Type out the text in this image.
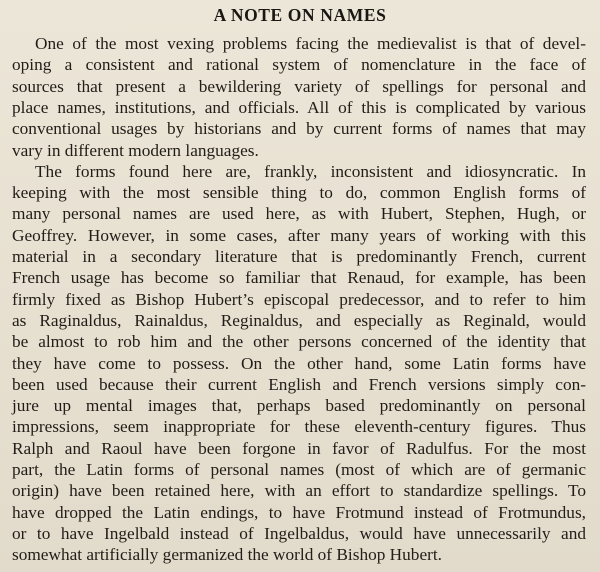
A NOTE ON NAMES
One of the most vexing problems facing the medievalist is that of devel-
oping a consistent and rational system of nomenclature in the face of
sources that present a bewildering variety of spellings for personal and
place names, institutions, and officials. All of this is complicated by various
conventional usages by historians and by current forms of names that may
vary in different modern languages.
The forms found here are, frankly, inconsistent and idiosyncratic. In
keeping with the most sensible thing to do, common English forms of
many personal names are used here, as with Hubert, Stephen, Hugh, or
Geoffrey. However, in some cases, after many years of working with this
material in a secondary literature that is predominantly French, current
French usage has become so familiar that Renaud, for example, has been
firmly fixed as Bishop Hubert’s episcopal predecessor, and to refer to him
as Raginaldus, Rainaldus, Reginaldus, and especially as Reginald, would
be almost to rob him and the other persons concerned of the identity that
they have come to possess. On the other hand, some Latin forms have
been used because their current English and French versions simply con-
jure up mental images that, perhaps based predominantly on personal
impressions, seem inappropriate for these eleventh-century figures. Thus
Ralph and Raoul have been forgone in favor of Radulfus. For the most
part, the Latin forms of personal names (most of which are of germanic
origin) have been retained here, with an effort to standardize spellings. To
have dropped the Latin endings, to have Frotmund instead of Frotmundus,
or to have Ingelbald instead of Ingelbaldus, would have unnecessarily and
somewhat artificially germanized the world of Bishop Hubert.
